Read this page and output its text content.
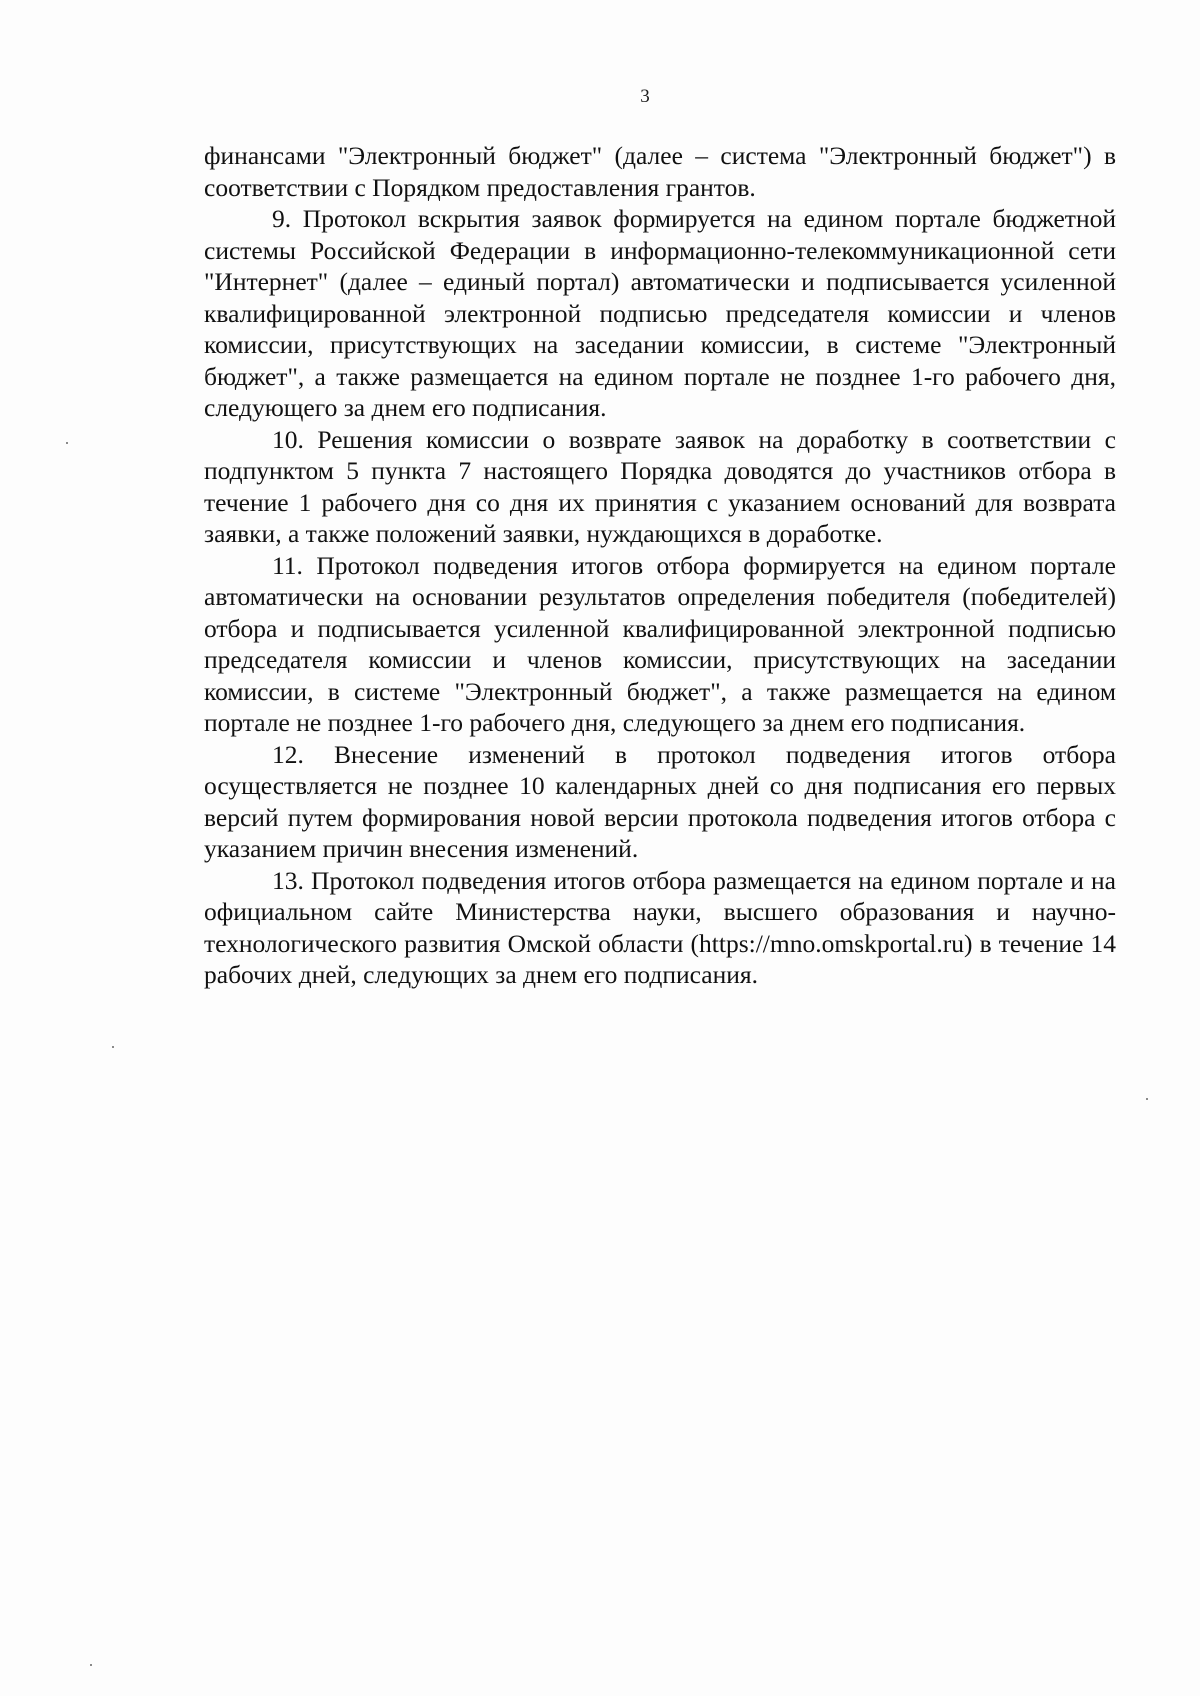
3

финансами "Электронный бюджет" (далее – система "Электронный бюджет") в соответствии с Порядком предоставления грантов.

9. Протокол вскрытия заявок формируется на едином портале бюджетной системы Российской Федерации в информационно-телекоммуникационной сети "Интернет" (далее – единый портал) автоматически и подписывается усиленной квалифицированной электронной подписью председателя комиссии и членов комиссии, присутствующих на заседании комиссии, в системе "Электронный бюджет", а также размещается на едином портале не позднее 1-го рабочего дня, следующего за днем его подписания.

10. Решения комиссии о возврате заявок на доработку в соответствии с подпунктом 5 пункта 7 настоящего Порядка доводятся до участников отбора в течение 1 рабочего дня со дня их принятия с указанием оснований для возврата заявки, а также положений заявки, нуждающихся в доработке.

11. Протокол подведения итогов отбора формируется на едином портале автоматически на основании результатов определения победителя (победителей) отбора и подписывается усиленной квалифицированной электронной подписью председателя комиссии и членов комиссии, присутствующих на заседании комиссии, в системе "Электронный бюджет", а также размещается на едином портале не позднее 1-го рабочего дня, следующего за днем его подписания.

12. Внесение изменений в протокол подведения итогов отбора осуществляется не позднее 10 календарных дней со дня подписания его первых версий путем формирования новой версии протокола подведения итогов отбора с указанием причин внесения изменений.

13. Протокол подведения итогов отбора размещается на едином портале и на официальном сайте Министерства науки, высшего образования и научно-технологического развития Омской области (https://mno.omskportal.ru) в течение 14 рабочих дней, следующих за днем его подписания.
